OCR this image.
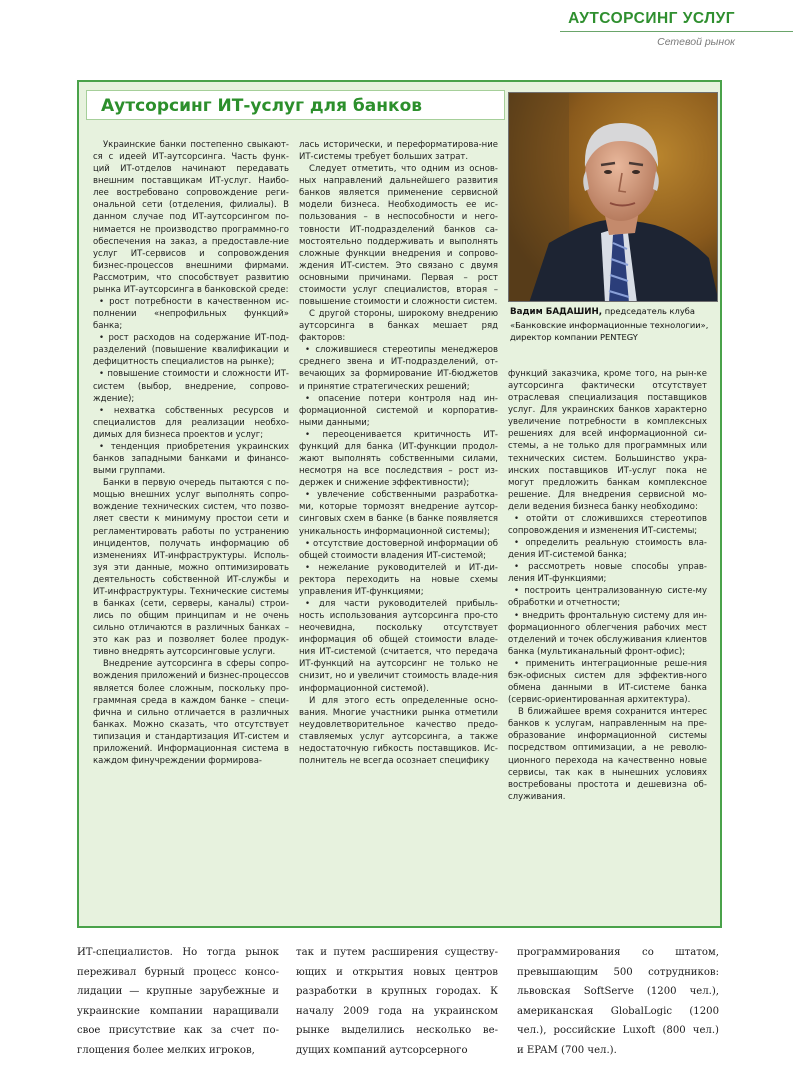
АУТСОРСИНГ УСЛУГ
Сетевой рынок
Аутсорсинг ИТ-услуг для банков
Вадим БАДАШИН, председатель клуба «Банковские информационные технологии», директор компании PENTEGY

Украинские банки постепенно свыкают-ся с идеей ИТ-аутсорсинга. Часть функ-ций ИТ-отделов начинают передавать внешним поставщикам ИТ-услуг. Наибо-лее востребовано сопровождение реги-ональной сети (отделения, филиалы). В данном случае под ИТ-аутсорсингом по-нимается не производство программно-го обеспечения на заказ, а предоставле-ние услуг ИТ-сервисов и сопровождения бизнес-процессов внешними фирмами. Рассмотрим, что способствует развитию рынка ИТ-аутсорсинга в банковской среде:

• рост потребности в качественном ис-полнении «непрофильных функций» банка;

• рост расходов на содержание ИТ-под-разделений (повышение квалификации и дефицитность специалистов на рынке);

• повышение стоимости и сложности ИТ-систем (выбор, внедрение, сопрово-ждение);

• нехватка собственных ресурсов и специалистов для реализации необхо-димых для бизнеса проектов и услуг;

• тенденция приобретения украинских банков западными банками и финансо-выми группами.

Банки в первую очередь пытаются с по-мощью внешних услуг выполнять сопро-вождение технических систем, что позво-ляет свести к минимуму простои сети и регламентировать работы по устранению инцидентов, получать информацию об изменениях ИТ-инфраструктуры. Исполь-зуя эти данные, можно оптимизировать деятельность собственной ИТ-службы и ИТ-инфраструктуры. Технические системы в банках (сети, серверы, каналы) строи-лись по общим принципам и не очень сильно отличаются в различных банках – это как раз и позволяет более продук-тивно внедрять аутсорсинговые услуги.

Внедрение аутсорсинга в сферы сопро-вождения приложений и бизнес-процессов является более сложным, поскольку про-граммная среда в каждом банке – специ-фична и сильно отличается в различных банках. Можно сказать, что отсутствует типизация и стандартизация ИТ-систем и приложений. Информационная система в каждом финучреждении формирова-

лась исторически, и переформатирова-ние ИТ-системы требует больших затрат.

Следует отметить, что одним из основ-ных направлений дальнейшего развития банков является применение сервисной модели бизнеса. Необходимость ее ис-пользования – в неспособности и него-товности ИТ-подразделений банков са-мостоятельно поддерживать и выполнять сложные функции внедрения и сопрово-ждения ИТ-систем. Это связано с двумя основными причинами. Первая – рост стоимости услуг специалистов, вторая – повышение стоимости и сложности систем.

С другой стороны, широкому внедрению аутсорсинга в банках мешает ряд факторов:

• сложившиеся стереотипы менеджеров среднего звена и ИТ-подразделений, от-вечающих за формирование ИТ-бюджетов и принятие стратегических решений;

• опасение потери контроля над ин-формационной системой и корпоратив-ными данными;

• переоценивается критичность ИТ-функций для банка (ИТ-функции продол-жают выполнять собственными силами, несмотря на все последствия – рост из-держек и снижение эффективности);

• увлечение собственными разработка-ми, которые тормозят внедрение аутсор-синговых схем в банке (в банке появляется уникальность информационной системы);

• отсутствие достоверной информации об общей стоимости владения ИТ-системой;

• нежелание руководителей и ИТ-ди-ректора переходить на новые схемы управления ИТ-функциями;

• для части руководителей прибыль-ность использования аутсорсинга про-сто неочевидна, поскольку отсутствует информация об общей стоимости владе-ния ИТ-системой (считается, что передача ИТ-функций на аутсорсинг не только не снизит, но и увеличит стоимость владе-ния информационной системой).

И для этого есть определенные осно-вания. Многие участники рынка отметили неудовлетворительное качество предо-ставляемых услуг аутсорсинга, а также недостаточную гибкость поставщиков. Ис-полнитель не всегда осознает специфику

функций заказчика, кроме того, на рын-ке аутсорсинга фактически отсутствует отраслевая специализация поставщиков услуг. Для украинских банков характерно увеличение потребности в комплексных решениях для всей информационной си-стемы, а не только для программных или технических систем. Большинство укра-инских поставщиков ИТ-услуг пока не могут предложить банкам комплексное решение. Для внедрения сервисной мо-дели ведения бизнеса банку необходимо:

• отойти от сложившихся стереотипов сопровождения и изменения ИТ-системы;

• определить реальную стоимость вла-дения ИТ-системой банка;

• рассмотреть новые способы управ-ления ИТ-функциями;

• построить централизованную систе-му обработки и отчетности;

• внедрить фронтальную систему для ин-формационного облегчения рабочих мест отделений и точек обслуживания клиентов банка (мультиканальный фронт-офис);

• применить интеграционные реше-ния бэк-офисных систем для эффектив-ного обмена данными в ИТ-системе банка (сервис-ориентированная архитектура).

В ближайшее время сохранится интерес банков к услугам, направленным на пре-образование информационной системы посредством оптимизации, а не револю-ционного перехода на качественно новые сервисы, так как в нынешних условиях востребованы простота и дешевизна об-служивания.

ИТ-специалистов. Но тогда рынок

переживал бурный процесс консо-

лидации — крупные зарубежные и

украинские компании наращивали

свое присутствие как за счет по-

глощения более мелких игроков,

так и путем расширения существу-

ющих и открытия новых центров

разработки в крупных городах. К

началу 2009 года на украинском

рынке выделились несколько ве-

дущих компаний аутсорсерного

программирования со штатом,

превышающим 500 сотрудников:

львовская SoftServe (1200 чел.),

американская GlobalLogic (1200

чел.), российские Luxoft (800 чел.)

и EPAM (700 чел.).
